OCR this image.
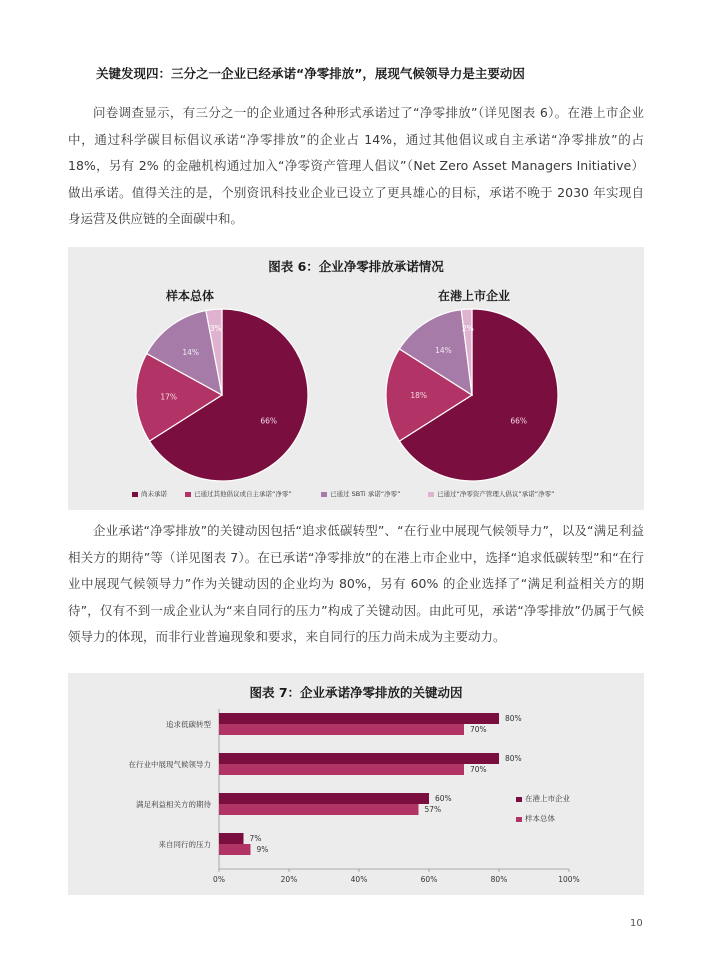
关键发现四：三分之一企业已经承诺“净零排放”，展现气候领导力是主要动因

问卷调查显示，有三分之一的企业通过各种形式承诺过了“净零排放”（详见图表 6）。在港上市企业中，通过科学碳目标倡议承诺“净零排放”的企业占 14%，通过其他倡议或自主承诺“净零排放”的占 18%，另有 2% 的金融机构通过加入“净零资产管理人倡议”（Net Zero Asset Managers Initiative）做出承诺。值得关注的是，个别资讯科技业企业已设立了更具雄心的目标，承诺不晚于 2030 年实现自身运营及供应链的全面碳中和。

图表 6：企业净零排放承诺情况
样本总体	在港上市企业
66%
17%
14%
3%
66%
18%
14%
2%
尚未承诺	已通过其他倡议或自主承诺“净零”	已通过 SBTi 承诺“净零”	已通过“净零资产管理人倡议”承诺“净零”

企业承诺“净零排放”的关键动因包括“追求低碳转型”、“在行业中展现气候领导力”，以及“满足利益相关方的期待”等（详见图表 7）。在已承诺“净零排放”的在港上市企业中，选择“追求低碳转型”和“在行业中展现气候领导力”作为关键动因的企业均为 80%，另有 60% 的企业选择了“满足利益相关方的期待”，仅有不到一成企业认为“来自同行的压力”构成了关键动因。由此可见，承诺“净零排放”仍属于气候领导力的体现，而非行业普遍现象和要求，来自同行的压力尚未成为主要动力。

图表 7：企业承诺净零排放的关键动因
0%	20%	40%	60%	80%	100%
追求低碳转型
80%
70%
在行业中展现气候领导力
80%
70%
满足利益相关方的期待
60%
57%
来自同行的压力
7%
9%
在港上市企业
样本总体
10
